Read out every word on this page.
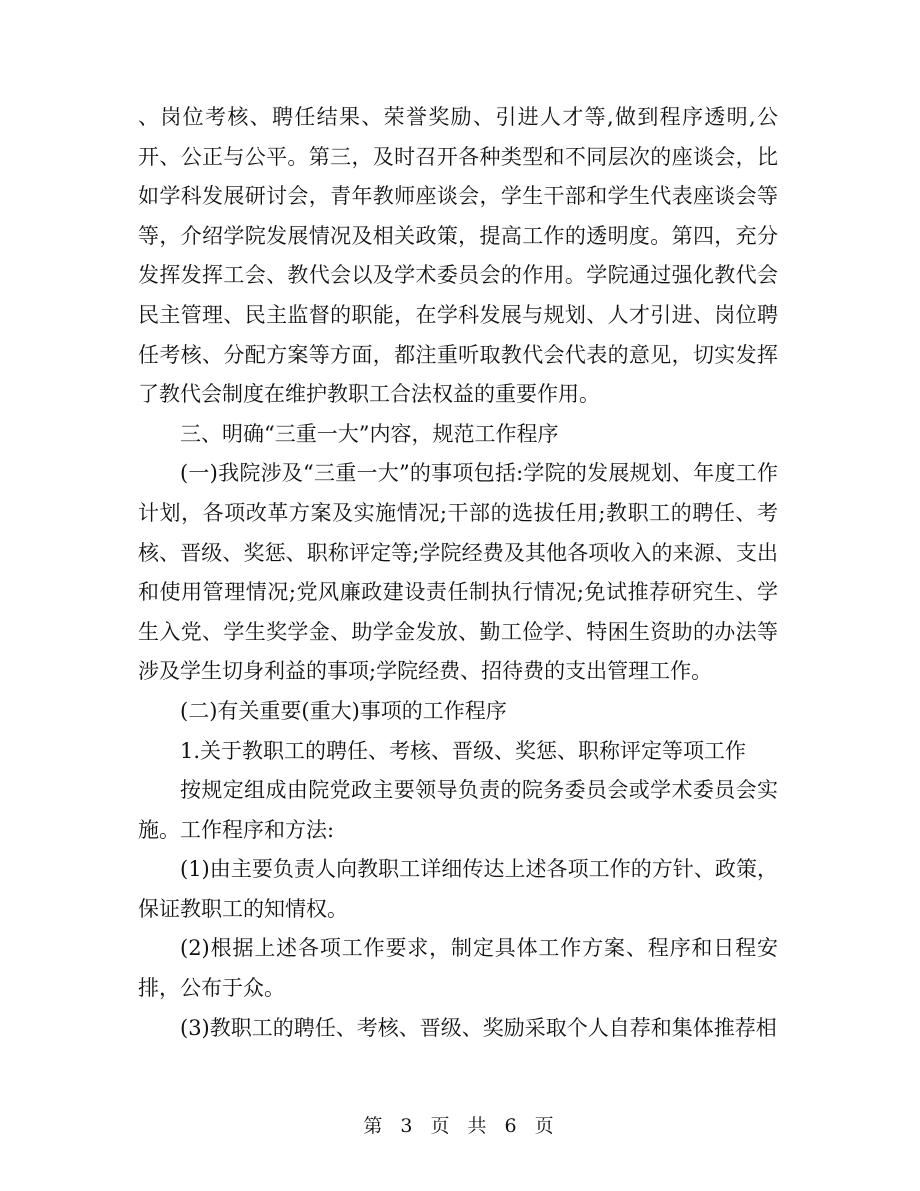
、岗位考核、聘任结果、荣誉奖励、引进人才等,做到程序透明,公开、公正与公平。第三，及时召开各种类型和不同层次的座谈会，比如学科发展研讨会，青年教师座谈会，学生干部和学生代表座谈会等等，介绍学院发展情况及相关政策，提高工作的透明度。第四，充分发挥发挥工会、教代会以及学术委员会的作用。学院通过强化教代会民主管理、民主监督的职能，在学科发展与规划、人才引进、岗位聘任考核、分配方案等方面，都注重听取教代会代表的意见，切实发挥了教代会制度在维护教职工合法权益的重要作用。

三、明确“三重一大”内容，规范工作程序

(一)我院涉及“三重一大”的事项包括:学院的发展规划、年度工作计划，各项改革方案及实施情况;干部的选拔任用;教职工的聘任、考核、晋级、奖惩、职称评定等;学院经费及其他各项收入的来源、支出和使用管理情况;党风廉政建设责任制执行情况;免试推荐研究生、学生入党、学生奖学金、助学金发放、勤工俭学、特困生资助的办法等涉及学生切身利益的事项;学院经费、招待费的支出管理工作。

(二)有关重要(重大)事项的工作程序

1.关于教职工的聘任、考核、晋级、奖惩、职称评定等项工作

按规定组成由院党政主要领导负责的院务委员会或学术委员会实施。工作程序和方法:

(1)由主要负责人向教职工详细传达上述各项工作的方针、政策，保证教职工的知情权。

(2)根据上述各项工作要求，制定具体工作方案、程序和日程安排，公布于众。

(3)教职工的聘任、考核、晋级、奖励采取个人自荐和集体推荐相

第 3 页 共 6 页
